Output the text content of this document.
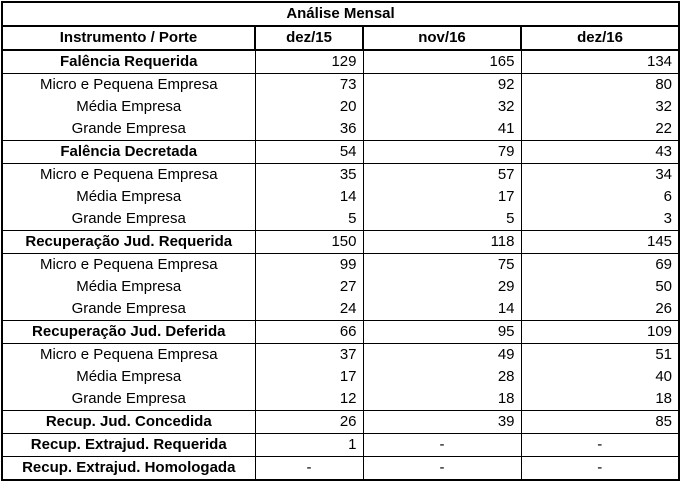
Análise Mensal			
Instrumento / Porte	dez/15	nov/16	dez/16
Falência Requerida	129	165	134
Micro e Pequena Empresa	73	92	80
Média Empresa	20	32	32
Grande Empresa	36	41	22
Falência Decretada	54	79	43
Micro e Pequena Empresa	35	57	34
Média Empresa	14	17	6
Grande Empresa	5	5	3
Recuperação Jud. Requerida	150	118	145
Micro e Pequena Empresa	99	75	69
Média Empresa	27	29	50
Grande Empresa	24	14	26
Recuperação Jud. Deferida	66	95	109
Micro e Pequena Empresa	37	49	51
Média Empresa	17	28	40
Grande Empresa	12	18	18
Recup. Jud. Concedida	26	39	85
Recup. Extrajud. Requerida	1	-	-
Recup. Extrajud. Homologada	-	-	-
